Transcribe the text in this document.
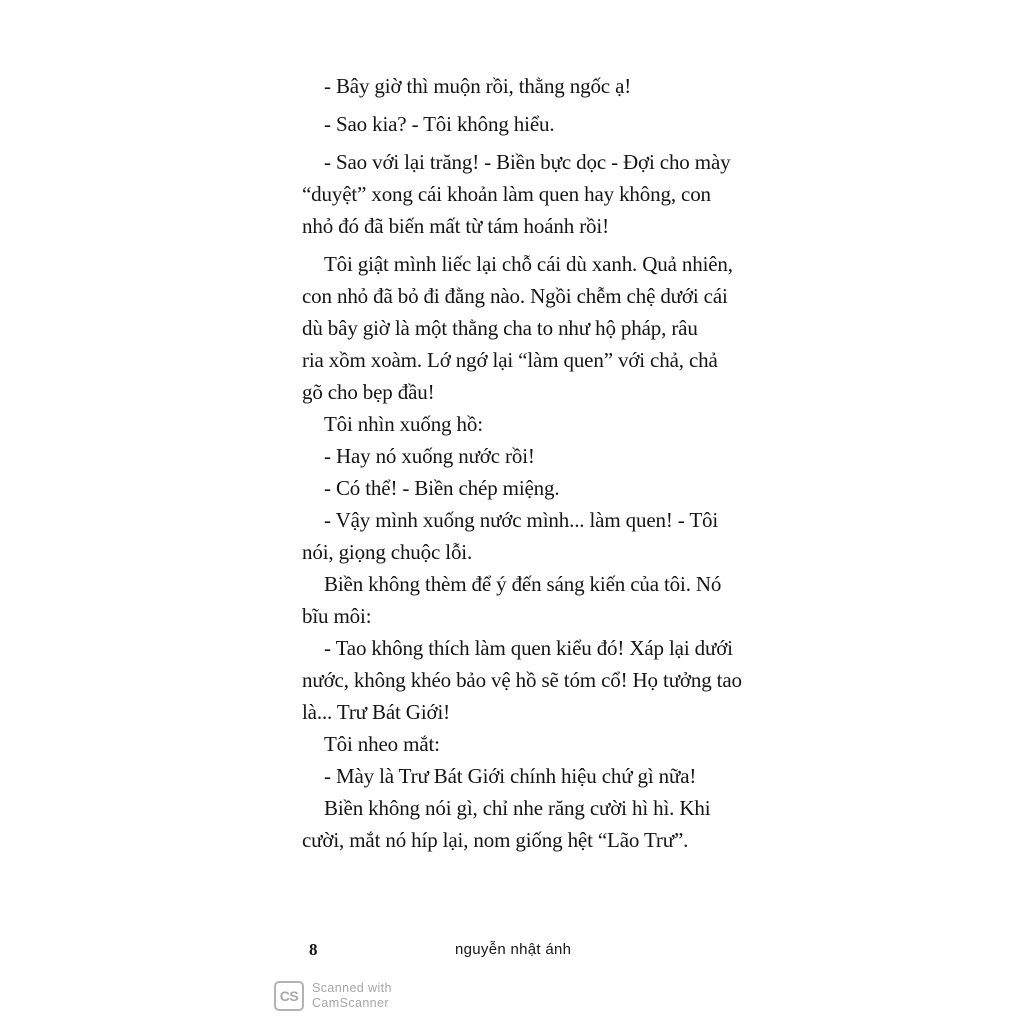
- Bây giờ thì muộn rồi, thằng ngốc ạ!
- Sao kia? - Tôi không hiểu.
- Sao với lại trăng! - Biền bực dọc - Đợi cho mày
“duyệt” xong cái khoản làm quen hay không, con
nhỏ đó đã biến mất từ tám hoánh rồi!
Tôi giật mình liếc lại chỗ cái dù xanh. Quả nhiên,
con nhỏ đã bỏ đi đằng nào. Ngồi chễm chệ dưới cái
dù bây giờ là một thằng cha to như hộ pháp, râu
ria xồm xoàm. Lớ ngớ lại “làm quen” với chả, chả
gõ cho bẹp đầu!
Tôi nhìn xuống hồ:
- Hay nó xuống nước rồi!
- Có thể! - Biền chép miệng.
- Vậy mình xuống nước mình... làm quen! - Tôi
nói, giọng chuộc lỗi.
Biền không thèm để ý đến sáng kiến của tôi. Nó
bĩu môi:
- Tao không thích làm quen kiểu đó! Xáp lại dưới
nước, không khéo bảo vệ hồ sẽ tóm cổ! Họ tưởng tao
là... Trư Bát Giới!
Tôi nheo mắt:
- Mày là Trư Bát Giới chính hiệu chứ gì nữa!
Biền không nói gì, chỉ nhe răng cười hì hì. Khi
cười, mắt nó híp lại, nom giống hệt “Lão Trư”.
8	nguyễn nhật ánh
CS	Scanned with
CamScanner
